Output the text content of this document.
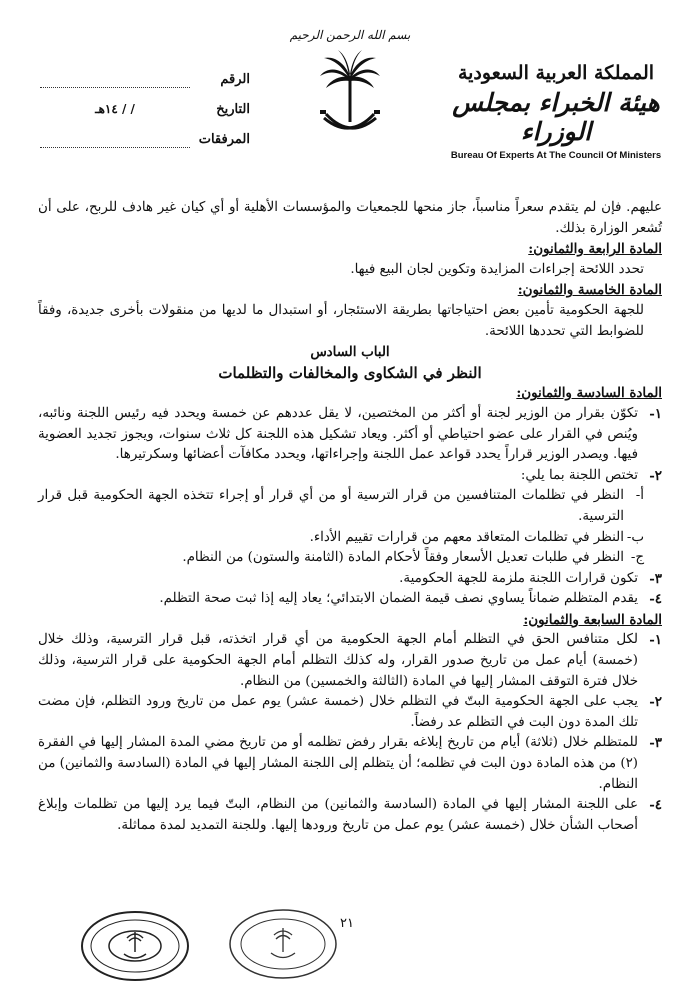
بسم الله الرحمن الرحيم
المملكة العربية السعودية
هيئة الخبراء بمجلس الوزراء
Bureau Of Experts At The Council Of Ministers
الرقم
التاريخ
/ / ١٤هـ
المرفقات

عليهم. فإن لم يتقدم سعراً مناسباً، جاز منحها للجمعيات والمؤسسات الأهلية أو أي كيان غير هادف للربح، على أن تُشعر الوزارة بذلك.

المادة الرابعة والثمانون:

تحدد اللائحة إجراءات المزايدة وتكوين لجان البيع فيها.

المادة الخامسة والثمانون:

للجهة الحكومية تأمين بعض احتياجاتها بطريقة الاستئجار، أو استبدال ما لديها من منقولات بأخرى جديدة، وفقاً للضوابط التي تحددها اللائحة.

الباب السادس

النظر في الشكاوى والمخالفات والتظلمات

المادة السادسة والثمانون:

١-
تكوّن بقرار من الوزير لجنة أو أكثر من المختصين، لا يقل عددهم عن خمسة ويحدد فيه رئيس اللجنة ونائبه، ويُنص في القرار على عضو احتياطي أو أكثر. ويعاد تشكيل هذه اللجنة كل ثلاث سنوات، ويجوز تجديد العضوية فيها. ويصدر الوزير قراراً يحدد قواعد عمل اللجنة وإجراءاتها، ويحدد مكافآت أعضائها وسكرتيرها.
٢-
تختص اللجنة بما يلي:
أ-
النظر في تظلمات المتنافسين من قرار الترسية أو من أي قرار أو إجراء تتخذه الجهة الحكومية قبل قرار الترسية.
ب-
النظر في تظلمات المتعاقد معهم من قرارات تقييم الأداء.
ج-
النظر في طلبات تعديل الأسعار وفقاً لأحكام المادة (الثامنة والستون) من النظام.
٣-
تكون قرارات اللجنة ملزمة للجهة الحكومية.
٤-
يقدم المتظلم ضماناً يساوي نصف قيمة الضمان الابتدائي؛ يعاد إليه إذا ثبت صحة التظلم.

المادة السابعة والثمانون:

١-
لكل متنافس الحق في التظلم أمام الجهة الحكومية من أي قرار اتخذته، قبل قرار الترسية، وذلك خلال (خمسة) أيام عمل من تاريخ صدور القرار، وله كذلك التظلم أمام الجهة الحكومية على قرار الترسية، وذلك خلال فترة التوقف المشار إليها في المادة (الثالثة والخمسين) من النظام.
٢-
يجب على الجهة الحكومية البتّ في التظلم خلال (خمسة عشر) يوم عمل من تاريخ ورود التظلم، فإن مضت تلك المدة دون البت في التظلم عد رفضاً.
٣-
للمتظلم خلال (ثلاثة) أيام من تاريخ إبلاغه بقرار رفض تظلمه أو من تاريخ مضي المدة المشار إليها في الفقرة (٢) من هذه المادة دون البت في تظلمه؛ أن يتظلم إلى اللجنة المشار إليها في المادة (السادسة والثمانين) من النظام.
٤-
على اللجنة المشار إليها في المادة (السادسة والثمانين) من النظام، البتّ فيما يرد إليها من تظلمات وإبلاغ أصحاب الشأن خلال (خمسة عشر) يوم عمل من تاريخ ورودها إليها. وللجنة التمديد لمدة مماثلة.
٢١
